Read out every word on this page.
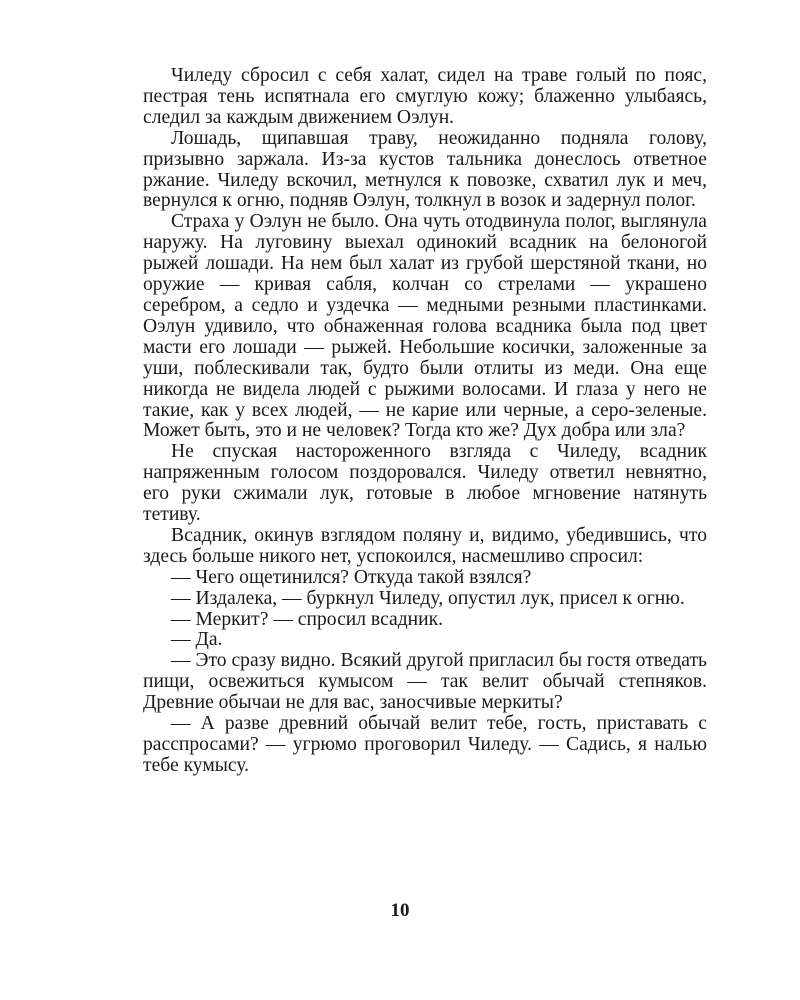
Чиледу сбросил с себя халат, сидел на траве голый по пояс, пестрая тень испятнала его смуглую кожу; блаженно улыбаясь, следил за каждым движением Оэлун.

Лошадь, щипавшая траву, неожиданно подняла голову, призывно заржала. Из-за кустов тальника донеслось ответное ржание. Чиледу вскочил, метнулся к повозке, схватил лук и меч, вернулся к огню, подняв Оэлун, толкнул в возок и задернул полог.

Страха у Оэлун не было. Она чуть отодвинула полог, выглянула наружу. На луговину выехал одинокий всадник на белоногой рыжей лошади. На нем был халат из грубой шерстяной ткани, но оружие — кривая сабля, колчан со стрелами — украшено серебром, а седло и уздечка — медными резными пластинками. Оэлун удивило, что обнаженная голова всадника была под цвет масти его лошади — рыжей. Небольшие косички, заложенные за уши, поблескивали так, будто были отлиты из меди. Она еще никогда не видела людей с рыжими волосами. И глаза у него не такие, как у всех людей, — не карие или черные, а серо-зеленые. Может быть, это и не человек? Тогда кто же? Дух добра или зла?

Не спуская настороженного взгляда с Чиледу, всадник напряженным голосом поздоровался. Чиледу ответил невнятно, его руки сжимали лук, готовые в любое мгновение натянуть тетиву.

Всадник, окинув взглядом поляну и, видимо, убедившись, что здесь больше никого нет, успокоился, насмешливо спросил:

— Чего ощетинился? Откуда такой взялся?

— Издалека, — буркнул Чиледу, опустил лук, присел к огню.

— Меркит? — спросил всадник.

— Да.

— Это сразу видно. Всякий другой пригласил бы гостя отведать пищи, освежиться кумысом — так велит обычай степняков. Древние обычаи не для вас, заносчивые меркиты?

— А разве древний обычай велит тебе, гость, приставать с расспросами? — угрюмо проговорил Чиледу. — Садись, я налью тебе кумысу.

10
